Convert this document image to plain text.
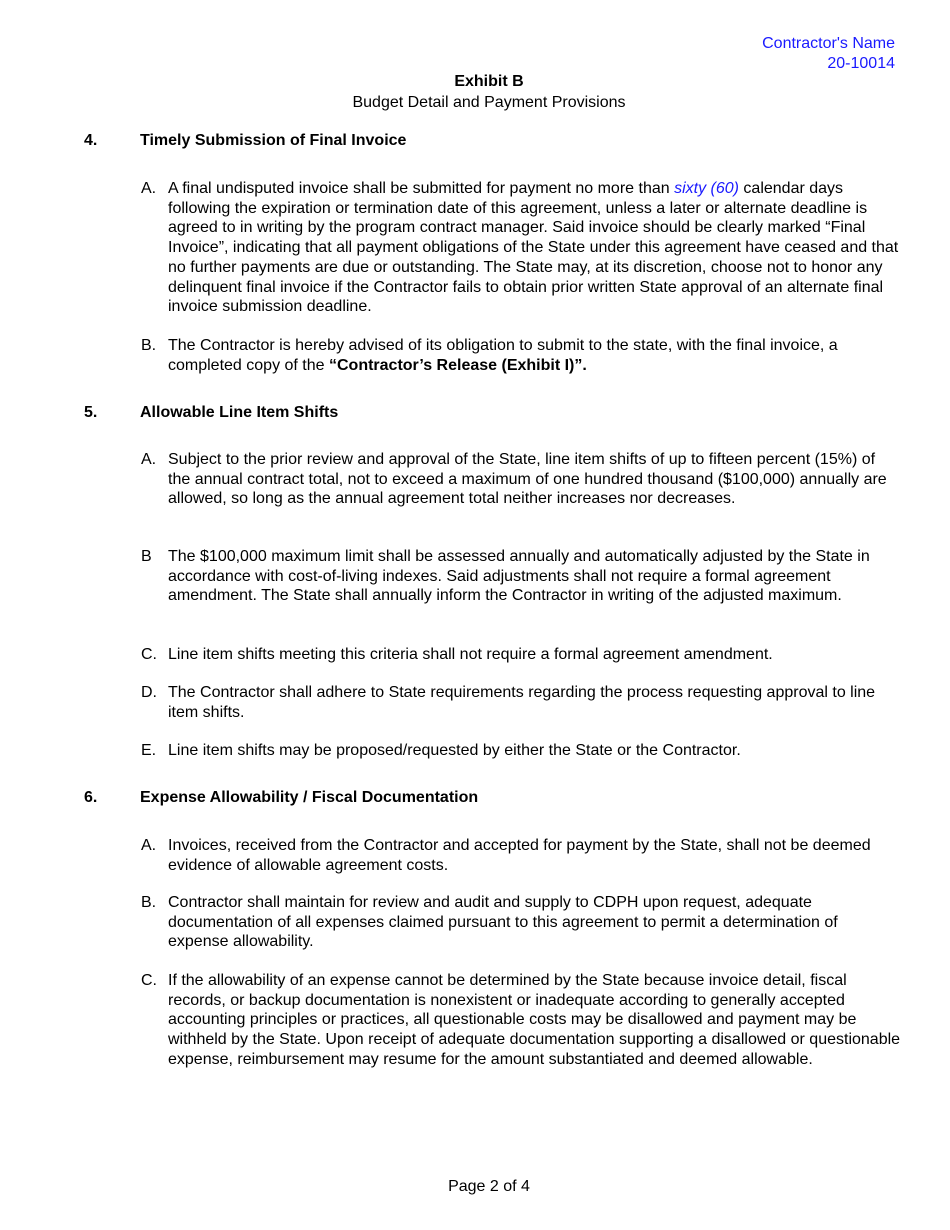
Contractor's Name
20-10014
Exhibit B
Budget Detail and Payment Provisions
4.	Timely Submission of Final Invoice
A. A final undisputed invoice shall be submitted for payment no more than sixty (60) calendar days following the expiration or termination date of this agreement, unless a later or alternate deadline is agreed to in writing by the program contract manager. Said invoice should be clearly marked “Final Invoice”, indicating that all payment obligations of the State under this agreement have ceased and that no further payments are due or outstanding. The State may, at its discretion, choose not to honor any delinquent final invoice if the Contractor fails to obtain prior written State approval of an alternate final invoice submission deadline.
B. The Contractor is hereby advised of its obligation to submit to the state, with the final invoice, a completed copy of the “Contractor’s Release (Exhibit I)”.
5.	Allowable Line Item Shifts
A. Subject to the prior review and approval of the State, line item shifts of up to fifteen percent (15%) of the annual contract total, not to exceed a maximum of one hundred thousand ($100,000) annually are allowed, so long as the annual agreement total neither increases nor decreases.
B The $100,000 maximum limit shall be assessed annually and automatically adjusted by the State in accordance with cost-of-living indexes. Said adjustments shall not require a formal agreement amendment. The State shall annually inform the Contractor in writing of the adjusted maximum.
C. Line item shifts meeting this criteria shall not require a formal agreement amendment.
D. The Contractor shall adhere to State requirements regarding the process requesting approval to line item shifts.
E. Line item shifts may be proposed/requested by either the State or the Contractor.
6.	Expense Allowability / Fiscal Documentation
A. Invoices, received from the Contractor and accepted for payment by the State, shall not be deemed evidence of allowable agreement costs.
B. Contractor shall maintain for review and audit and supply to CDPH upon request, adequate documentation of all expenses claimed pursuant to this agreement to permit a determination of expense allowability.
C. If the allowability of an expense cannot be determined by the State because invoice detail, fiscal records, or backup documentation is nonexistent or inadequate according to generally accepted accounting principles or practices, all questionable costs may be disallowed and payment may be withheld by the State. Upon receipt of adequate documentation supporting a disallowed or questionable expense, reimbursement may resume for the amount substantiated and deemed allowable.
Page 2 of 4
